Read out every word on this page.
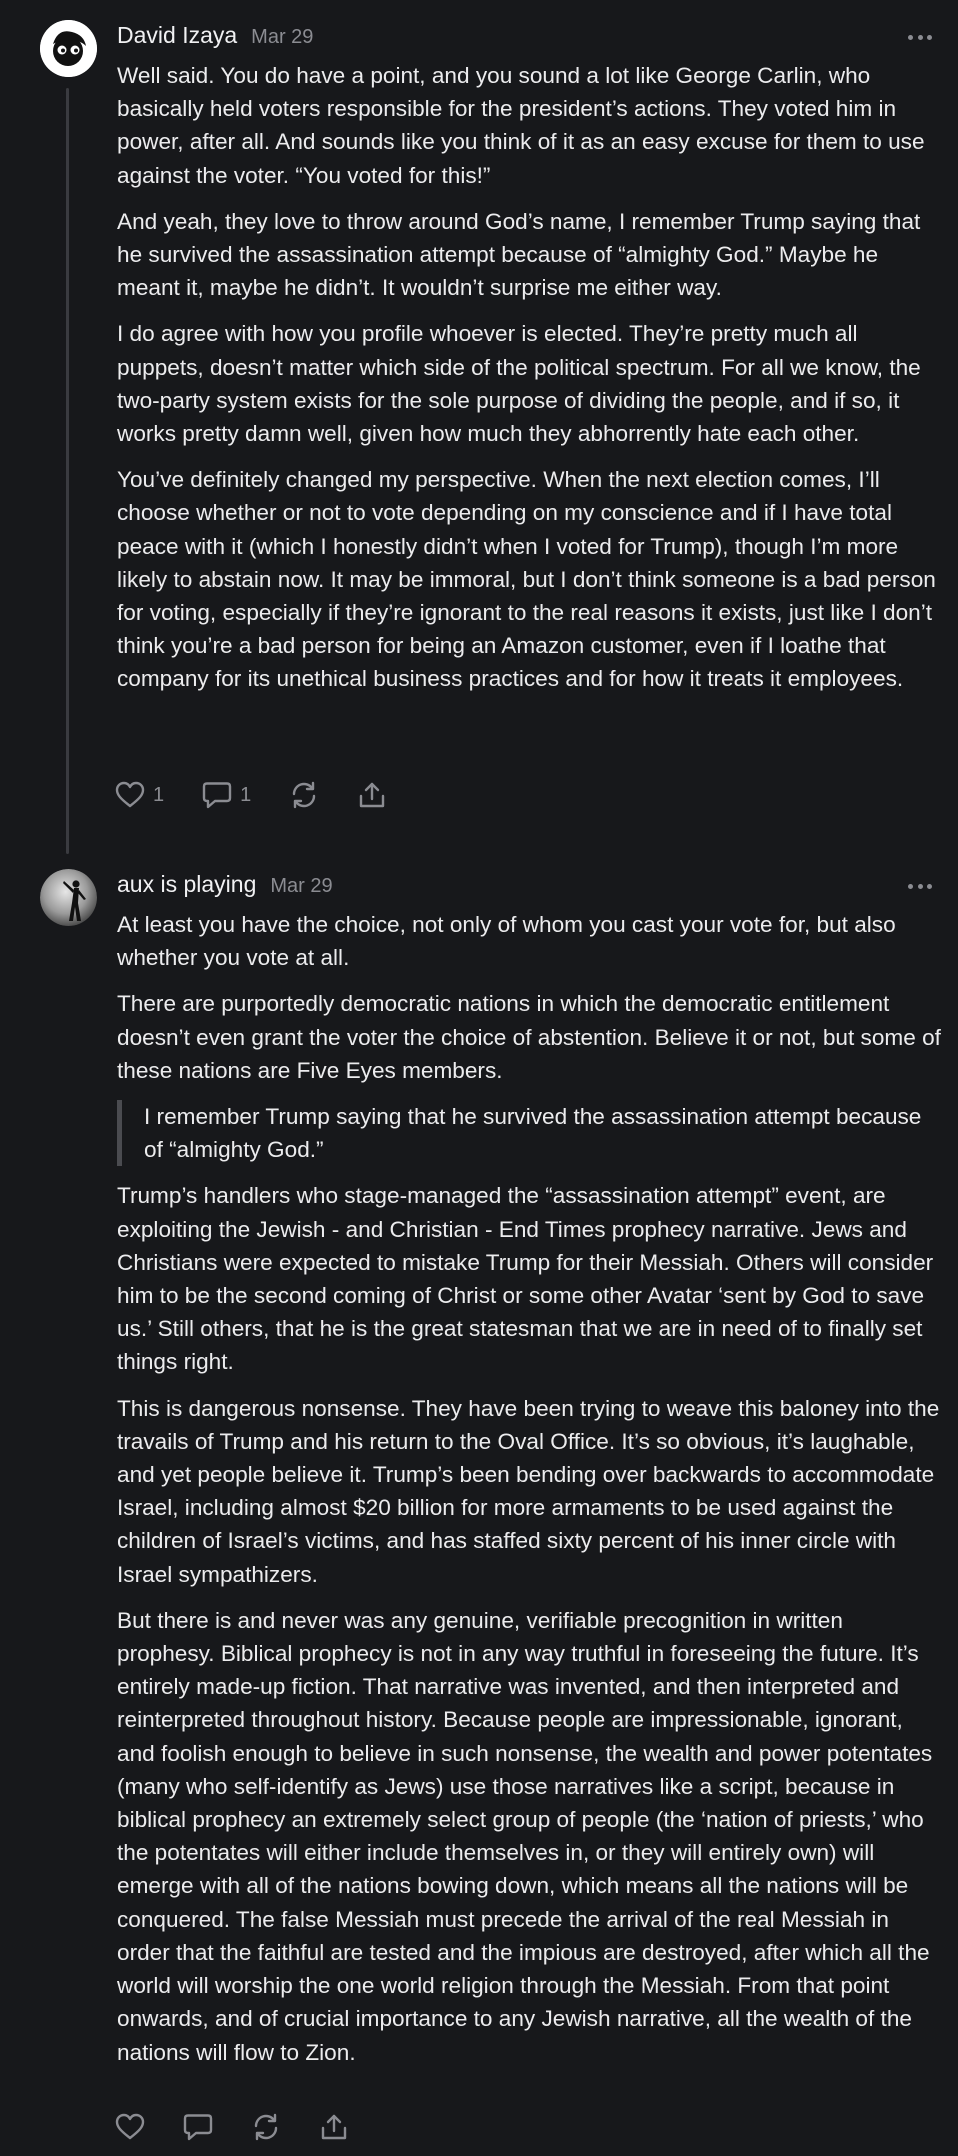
David Izaya Mar 29

Well said. You do have a point, and you sound a lot like George Carlin, who basically held voters responsible for the president’s actions. They voted him in power, after all. And sounds like you think of it as an easy excuse for them to use against the voter. “You voted for this!”

And yeah, they love to throw around God’s name, I remember Trump saying that he survived the assassination attempt because of “almighty God.” Maybe he meant it, maybe he didn’t. It wouldn’t surprise me either way.

I do agree with how you profile whoever is elected. They’re pretty much all puppets, doesn’t matter which side of the political spectrum. For all we know, the two-party system exists for the sole purpose of dividing the people, and if so, it works pretty damn well, given how much they abhorrently hate each other.

You’ve definitely changed my perspective. When the next election comes, I’ll choose whether or not to vote depending on my conscience and if I have total peace with it (which I honestly didn’t when I voted for Trump), though I’m more likely to abstain now. It may be immoral, but I don’t think someone is a bad person for voting, especially if they’re ignorant to the real reasons it exists, just like I don’t think you’re a bad person for being an Amazon customer, even if I loathe that company for its unethical business practices and for how it treats it employees.

1	1
aux is playing Mar 29

At least you have the choice, not only of whom you cast your vote for, but also whether you vote at all.

There are purportedly democratic nations in which the democratic entitlement doesn’t even grant the voter the choice of abstention. Believe it or not, but some of these nations are Five Eyes members.

I remember Trump saying that he survived the assassination attempt because of “almighty God.”

Trump’s handlers who stage-managed the “assassination attempt” event, are exploiting the Jewish - and Christian - End Times prophecy narrative. Jews and Christians were expected to mistake Trump for their Messiah. Others will consider him to be the second coming of Christ or some other Avatar ‘sent by God to save us.’ Still others, that he is the great statesman that we are in need of to finally set things right.

This is dangerous nonsense. They have been trying to weave this baloney into the travails of Trump and his return to the Oval Office. It’s so obvious, it’s laughable, and yet people believe it. Trump’s been bending over backwards to accommodate Israel, including almost $20 billion for more armaments to be used against the children of Israel’s victims, and has staffed sixty percent of his inner circle with Israel sympathizers.

But there is and never was any genuine, verifiable precognition in written prophesy. Biblical prophecy is not in any way truthful in foreseeing the future. It’s entirely made-up fiction. That narrative was invented, and then interpreted and reinterpreted throughout history. Because people are impressionable, ignorant, and foolish enough to believe in such nonsense, the wealth and power potentates (many who self-identify as Jews) use those narratives like a script, because in biblical prophecy an extremely select group of people (the ‘nation of priests,’ who the potentates will either include themselves in, or they will entirely own) will emerge with all of the nations bowing down, which means all the nations will be conquered. The false Messiah must precede the arrival of the real Messiah in order that the faithful are tested and the impious are destroyed, after which all the world will worship the one world religion through the Messiah. From that point onwards, and of crucial importance to any Jewish narrative, all the wealth of the nations will flow to Zion.
